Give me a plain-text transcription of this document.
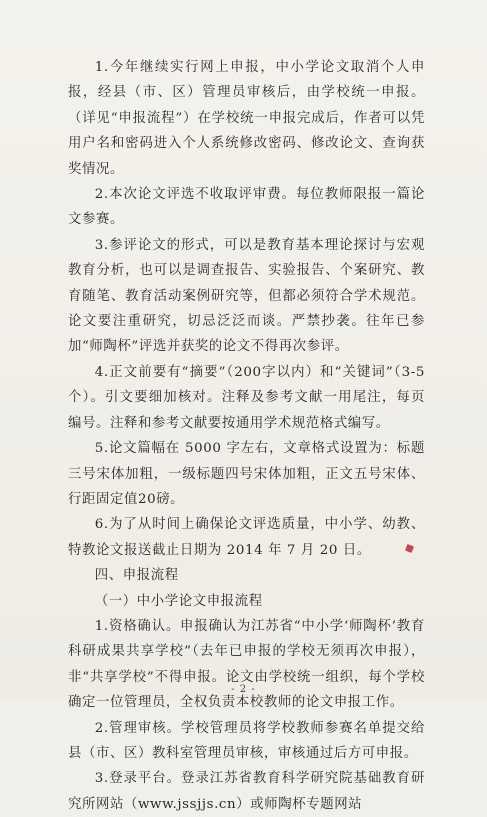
1.今年继续实行网上申报，中小学论文取消个人申报，经县（市、区）管理员审核后，由学校统一申报。（详见“申报流程”）在学校统一申报完成后，作者可以凭用户名和密码进入个人系统修改密码、修改论文、查询获奖情况。

2.本次论文评选不收取评审费。每位教师限报一篇论文参赛。

3.参评论文的形式，可以是教育基本理论探讨与宏观教育分析，也可以是调查报告、实验报告、个案研究、教育随笔、教育活动案例研究等，但都必须符合学术规范。论文要注重研究，切忌泛泛而谈。严禁抄袭。往年已参加“师陶杯”评选并获奖的论文不得再次参评。

4.正文前要有“摘要”（200字以内）和“关键词”（3-5个）。引文要细加核对。注释及参考文献一用尾注，每页编号。注释和参考文献要按通用学术规范格式编写。

5.论文篇幅在 5000 字左右，文章格式设置为：标题三号宋体加粗，一级标题四号宋体加粗，正文五号宋体、行距固定值20磅。

6.为了从时间上确保论文评选质量，中小学、幼教、特教论文报送截止日期为 2014 年 7 月 20 日。

四、申报流程

（一）中小学论文申报流程

1.资格确认。申报确认为江苏省“中小学‘师陶杯’教育科研成果共享学校”（去年已申报的学校无须再次申报），非“共享学校”不得申报。论文由学校统一组织，每个学校确定一位管理员，全权负责本校教师的论文申报工作。

2.管理审核。学校管理员将学校教师参赛名单提交给县（市、区）教科室管理员审核，审核通过后方可申报。

3.登录平台。登录江苏省教育科学研究院基础教育研究所网站（www.jssjjs.cn）或师陶杯专题网站

- 2 -
